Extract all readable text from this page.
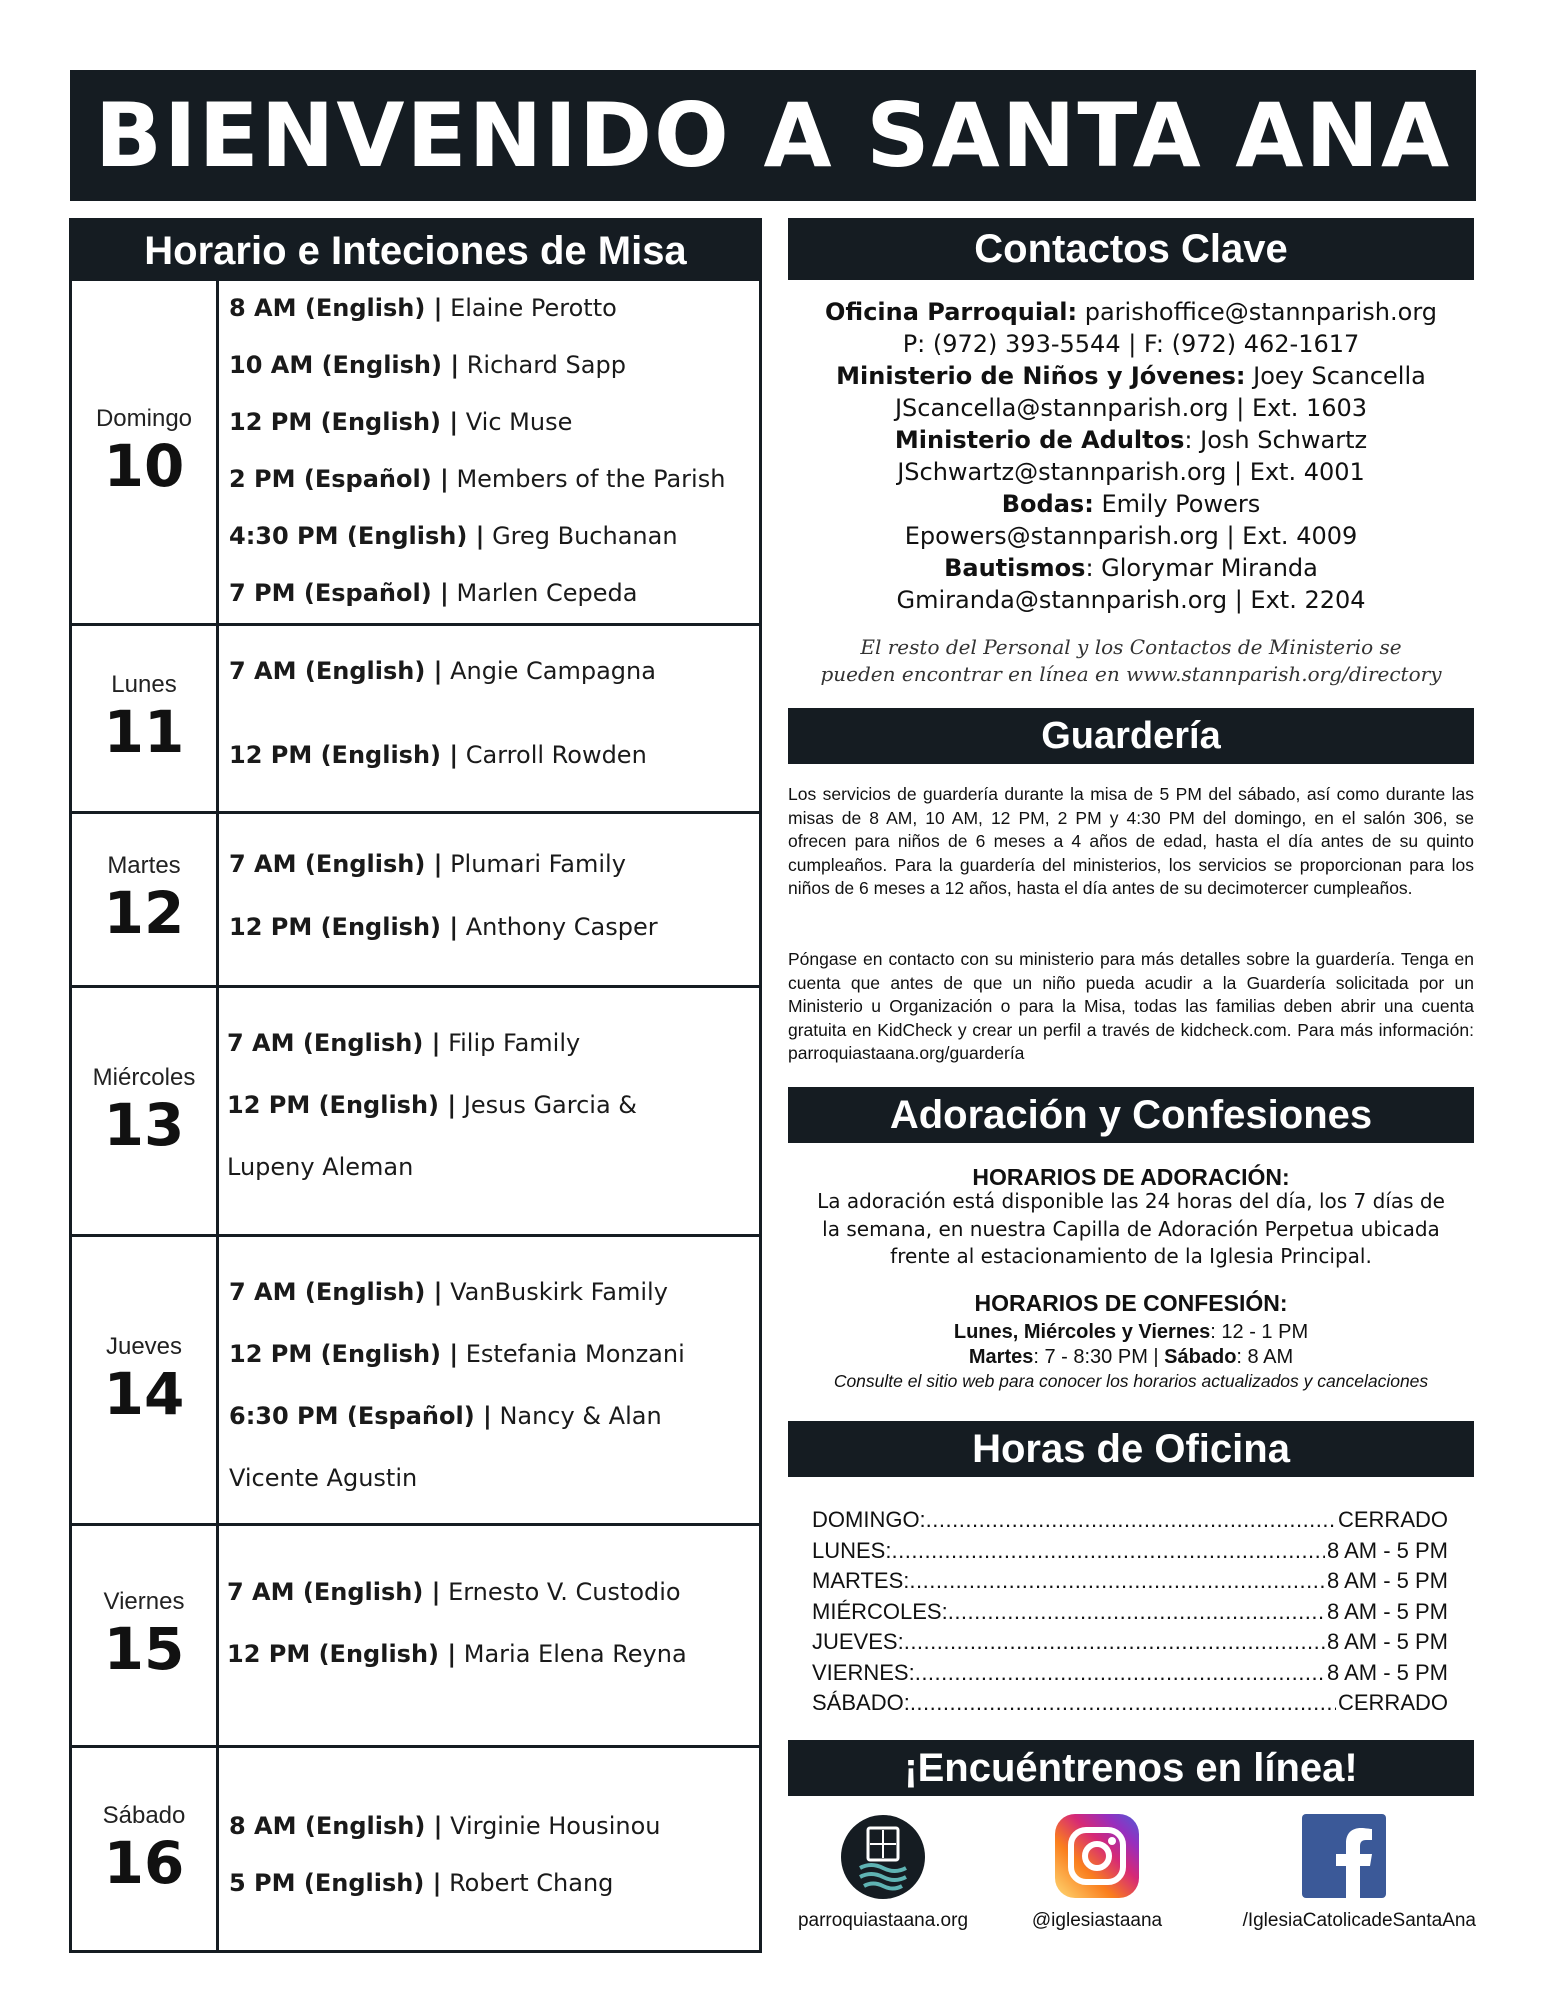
BIENVENIDO A SANTA ANA
Horario e Inteciones de Misa
Domingo
10
8 AM (English) | Elaine Perotto
10 AM (English) | Richard Sapp
12 PM (English) | Vic Muse
2 PM (Español) | Members of the Parish
4:30 PM (English) | Greg Buchanan
7 PM (Español) | Marlen Cepeda
Lunes
11
7 AM (English) | Angie Campagna
12 PM (English) | Carroll Rowden
Martes
12
7 AM (English) | Plumari Family
12 PM (English) | Anthony Casper
Miércoles
13
7 AM (English) | Filip Family
12 PM (English) | Jesus Garcia & Lupeny Aleman
Jueves
14
7 AM (English) | VanBuskirk Family
12 PM (English) | Estefania Monzani
6:30 PM (Español) | Nancy & Alan Vicente Agustin
Viernes
15
7 AM (English) | Ernesto V. Custodio
12 PM (English) | Maria Elena Reyna
Sábado
16
8 AM (English) | Virginie Housinou
5 PM (English) | Robert Chang
Contactos Clave
Oficina Parroquial: parishoffice@stannparish.org
P: (972) 393-5544 | F: (972) 462-1617
Ministerio de Niños y Jóvenes: Joey Scancella
JScancella@stannparish.org | Ext. 1603
Ministerio de Adultos: Josh Schwartz
JSchwartz@stannparish.org | Ext. 4001
Bodas: Emily Powers
Epowers@stannparish.org | Ext. 4009
Bautismos: Glorymar Miranda
Gmiranda@stannparish.org | Ext. 2204
El resto del Personal y los Contactos de Ministerio se
pueden encontrar en línea en www.stannparish.org/directory
Guardería
Los servicios de guardería durante la misa de 5 PM del sábado, así como durante las misas de 8 AM, 10 AM, 12 PM, 2 PM y 4:30 PM del domingo, en el salón 306, se ofrecen para niños de 6 meses a 4 años de edad, hasta el día antes de su quinto cumpleaños. Para la guardería del ministerios, los servicios se proporcionan para los niños de 6 meses a 12 años, hasta el día antes de su decimotercer cumpleaños.
Póngase en contacto con su ministerio para más detalles sobre la guardería. Tenga en cuenta que antes de que un niño pueda acudir a la Guardería solicitada por un Ministerio u Organización o para la Misa, todas las familias deben abrir una cuenta gratuita en KidCheck y crear un perfil a través de kidcheck.com. Para más información: parroquiastaana.org/guardería
Adoración y Confesiones
HORARIOS DE ADORACIÓN:
La adoración está disponible las 24 horas del día, los 7 días de la semana, en nuestra Capilla de Adoración Perpetua ubicada frente al estacionamiento de la Iglesia Principal.
HORARIOS DE CONFESIÓN:
Lunes, Miércoles y Viernes: 12 - 1 PM
Martes: 7 - 8:30 PM | Sábado: 8 AM
Consulte el sitio web para conocer los horarios actualizados y cancelaciones
Horas de Oficina
DOMINGO: .....	CERRADO
LUNES: .....	8 AM - 5 PM
MARTES: .....	8 AM - 5 PM
MIÉRCOLES: .....	8 AM - 5 PM
JUEVES: .....	8 AM - 5 PM
VIERNES: .....	8 AM - 5 PM
SÁBADO: .....	CERRADO
¡Encuéntrenos en línea!
parroquiastaana.org	@iglesiastaana	/IglesiaCatolicadeSantaAna
